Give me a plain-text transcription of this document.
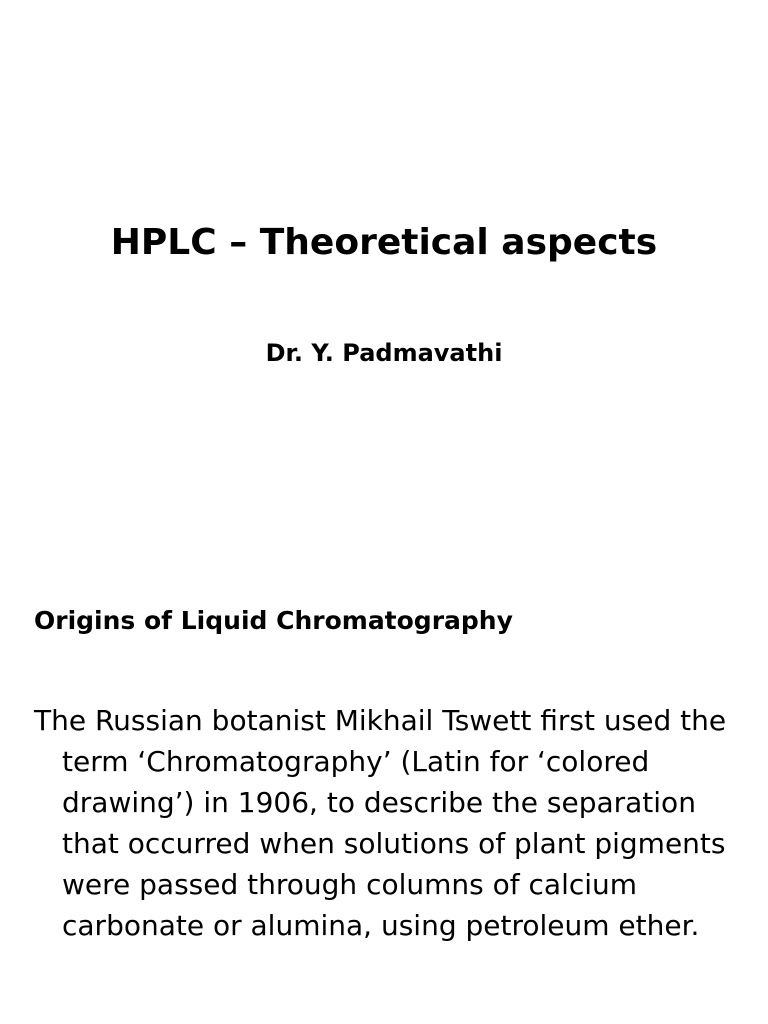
HPLC – Theoretical aspects

Dr. Y. Padmavathi

Origins of Liquid Chromatography

The Russian botanist Mikhail Tswett first used the
term ‘Chromatography’ (Latin for ‘colored
drawing’) in 1906, to describe the separation
that occurred when solutions of plant pigments
were passed through columns of calcium
carbonate or alumina, using petroleum ether.
